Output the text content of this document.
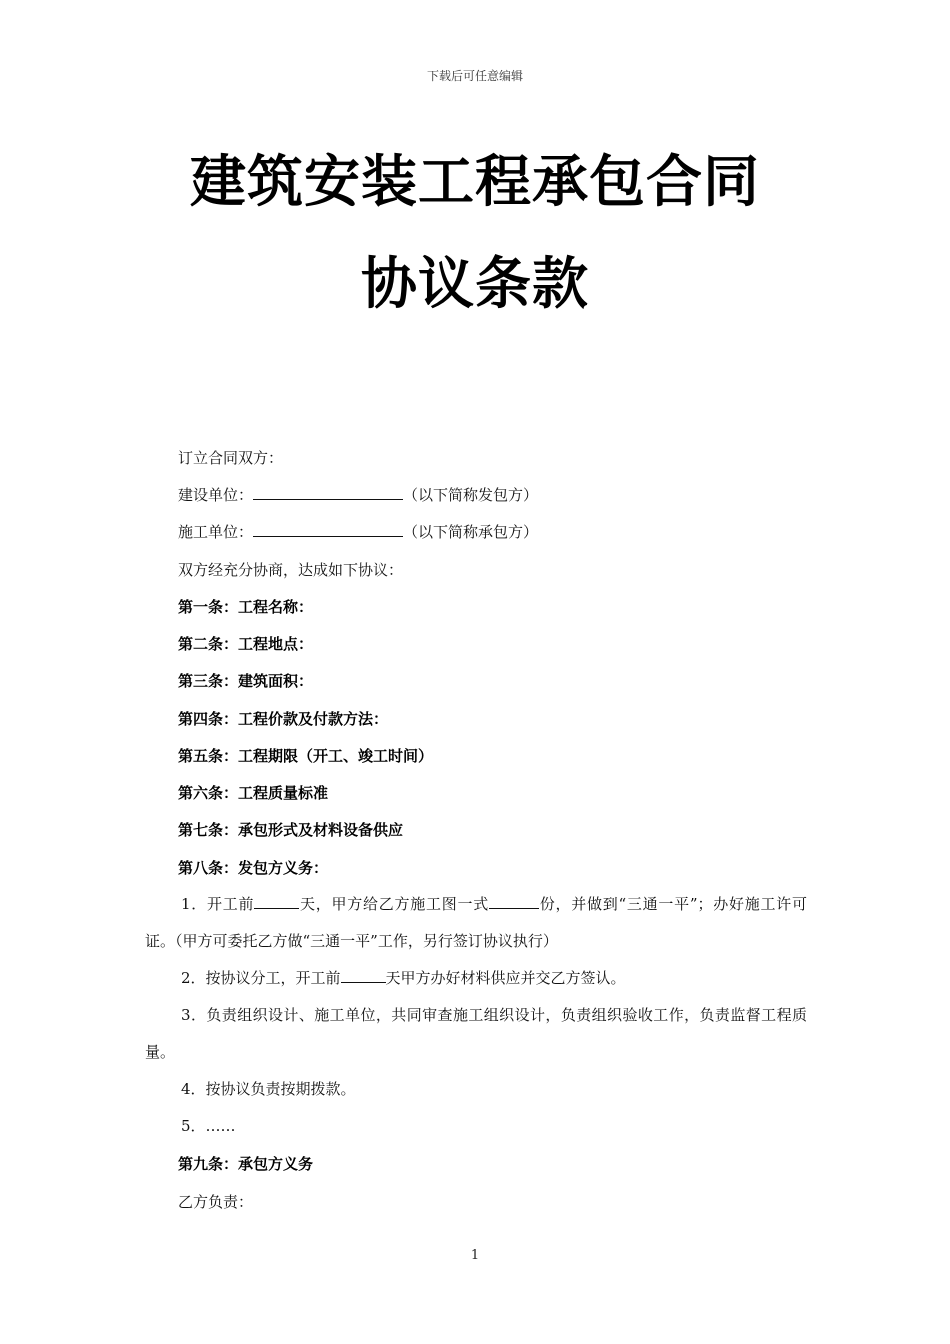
下载后可任意编辑
建筑安装工程承包合同
协议条款
订立合同双方：
建设单位：	（以下简称发包方）
施工单位：	（以下简称承包方）
双方经充分协商，达成如下协议：
第一条：工程名称：
第二条：工程地点：
第三条：建筑面积：
第四条：工程价款及付款方法：
第五条：工程期限（开工、竣工时间）
第六条：工程质量标准
第七条：承包形式及材料设备供应
第八条：发包方义务：
1．开工前	天，甲方给乙方施工图一式	份，并做到“三通一平”；办好施工许可证。（甲方可委托乙方做“三通一平”工作，另行签订协议执行）
2．按协议分工，开工前	天甲方办好材料供应并交乙方签认。
3．负责组织设计、施工单位，共同审查施工组织设计，负责组织验收工作，负责监督工程质量。
4．按协议负责按期拨款。
5．……
第九条：承包方义务
乙方负责：
1
